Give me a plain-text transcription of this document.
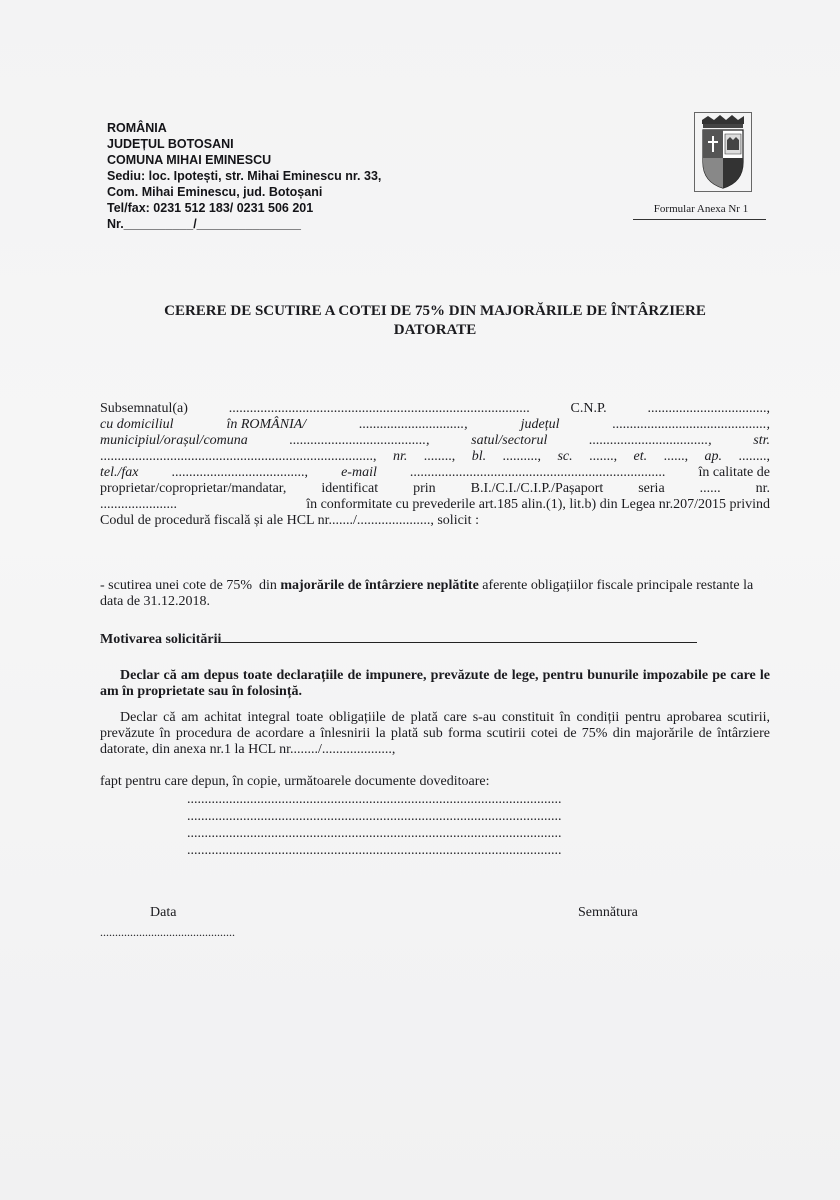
ROMÂNIA
JUDEȚUL BOTOSANI
COMUNA MIHAI EMINESCU
Sediu: loc. Ipotești, str. Mihai Eminescu nr. 33,
Com. Mihai Eminescu, jud. Botoșani
Tel/fax: 0231 512 183/ 0231 506 201
Nr.__________/_______________
Formular Anexa Nr 1
CERERE DE SCUTIRE A COTEI DE 75% DIN MAJORĂRILE DE ÎNTÂRZIERE
DATORATE
Subsemnatul(a)	......................................................................................	C.N.P.	..................................,
cu domiciliul	în ROMÂNIA/	..............................,	județul	............................................,
municipiul/orașul/comuna	.......................................,	satul/sectorul	..................................,	str.
.............................................................................., nr. ........, bl. .........., sc. ......., et. ......, ap. ........,
tel./fax ......................................, e-mail ......................................................................... în calitate de
proprietar/coproprietar/mandatar, identificat prin B.I./C.I./C.I.P./Pașaport seria ...... nr.
......................	în conformitate cu prevederile art.185 alin.(1), lit.b) din Legea nr.207/2015 privind
Codul de procedură fiscală și ale HCL nr......./....................., solicit :
- scutirea unei cote de 75%  din majorările de întârziere neplătite aferente obligațiilor fiscale principale restante la data de 31.12.2018.
Motivarea solicitării
Declar că am depus toate declarațiile de impunere, prevăzute de lege, pentru bunurile impozabile pe care le am în proprietate sau în folosință.
Declar că am achitat integral toate obligațiile de plată care s-au constituit în condiții pentru aprobarea scutirii, prevăzute în procedura de acordare a înlesnirii la plată sub forma scutirii cotei de 75% din majorările de întârziere datorate, din anexa nr.1 la HCL nr......../....................,
fapt pentru care depun, în copie, următoarele documente doveditoare:
...........................................................................................................
...........................................................................................................
...........................................................................................................
...........................................................................................................
Data
.............................................
Semnătura
